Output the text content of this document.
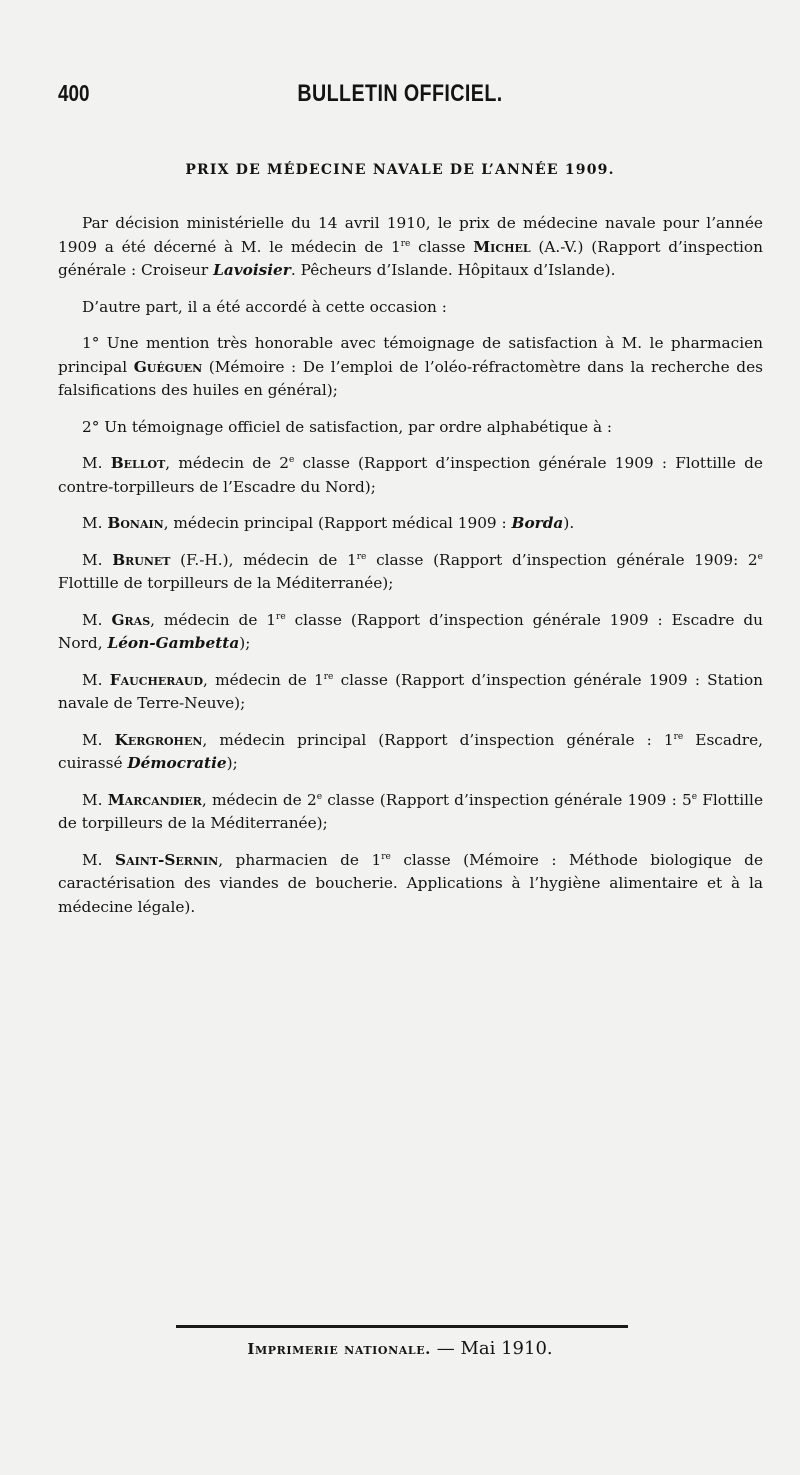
400	BULLETIN OFFICIEL.
PRIX DE MÉDECINE NAVALE DE L’ANNÉE 1909.

Par décision ministérielle du 14 avril 1910, le prix de médecine navale pour l’année 1909 a été décerné à M. le médecin de 1re classe Michel (A.-V.) (Rapport d’inspection générale : Croiseur Lavoisier. Pêcheurs d’Islande. Hôpitaux d’Islande).

D’autre part, il a été accordé à cette occasion :

1° Une mention très honorable avec témoignage de satisfaction à M. le pharmacien principal Guéguen (Mémoire : De l’emploi de l’oléo-réfractomètre dans la recherche des falsifications des huiles en général);

2° Un témoignage officiel de satisfaction, par ordre alphabétique à :

M. Bellot, médecin de 2e classe (Rapport d’inspection générale 1909 : Flottille de contre-torpilleurs de l’Escadre du Nord);

M. Bonain, médecin principal (Rapport médical 1909 : Borda).

M. Brunet (F.-H.), médecin de 1re classe (Rapport d’inspection générale 1909: 2e Flottille de torpilleurs de la Méditerranée);

M. Gras, médecin de 1re classe (Rapport d’inspection générale 1909 : Escadre du Nord, Léon-Gambetta);

M. Faucheraud, médecin de 1re classe (Rapport d’inspection générale 1909 : Station navale de Terre-Neuve);

M. Kergrohen, médecin principal (Rapport d’inspection générale : 1re Escadre, cuirassé Démocratie);

M. Marcandier, médecin de 2e classe (Rapport d’inspection générale 1909 : 5e Flottille de torpilleurs de la Méditerranée);

M. Saint-Sernin, pharmacien de 1re classe (Mémoire : Méthode biologique de caractérisation des viandes de boucherie. Applications à l’hygiène alimentaire et à la médecine légale).

Imprimerie nationale. — Mai 1910.
